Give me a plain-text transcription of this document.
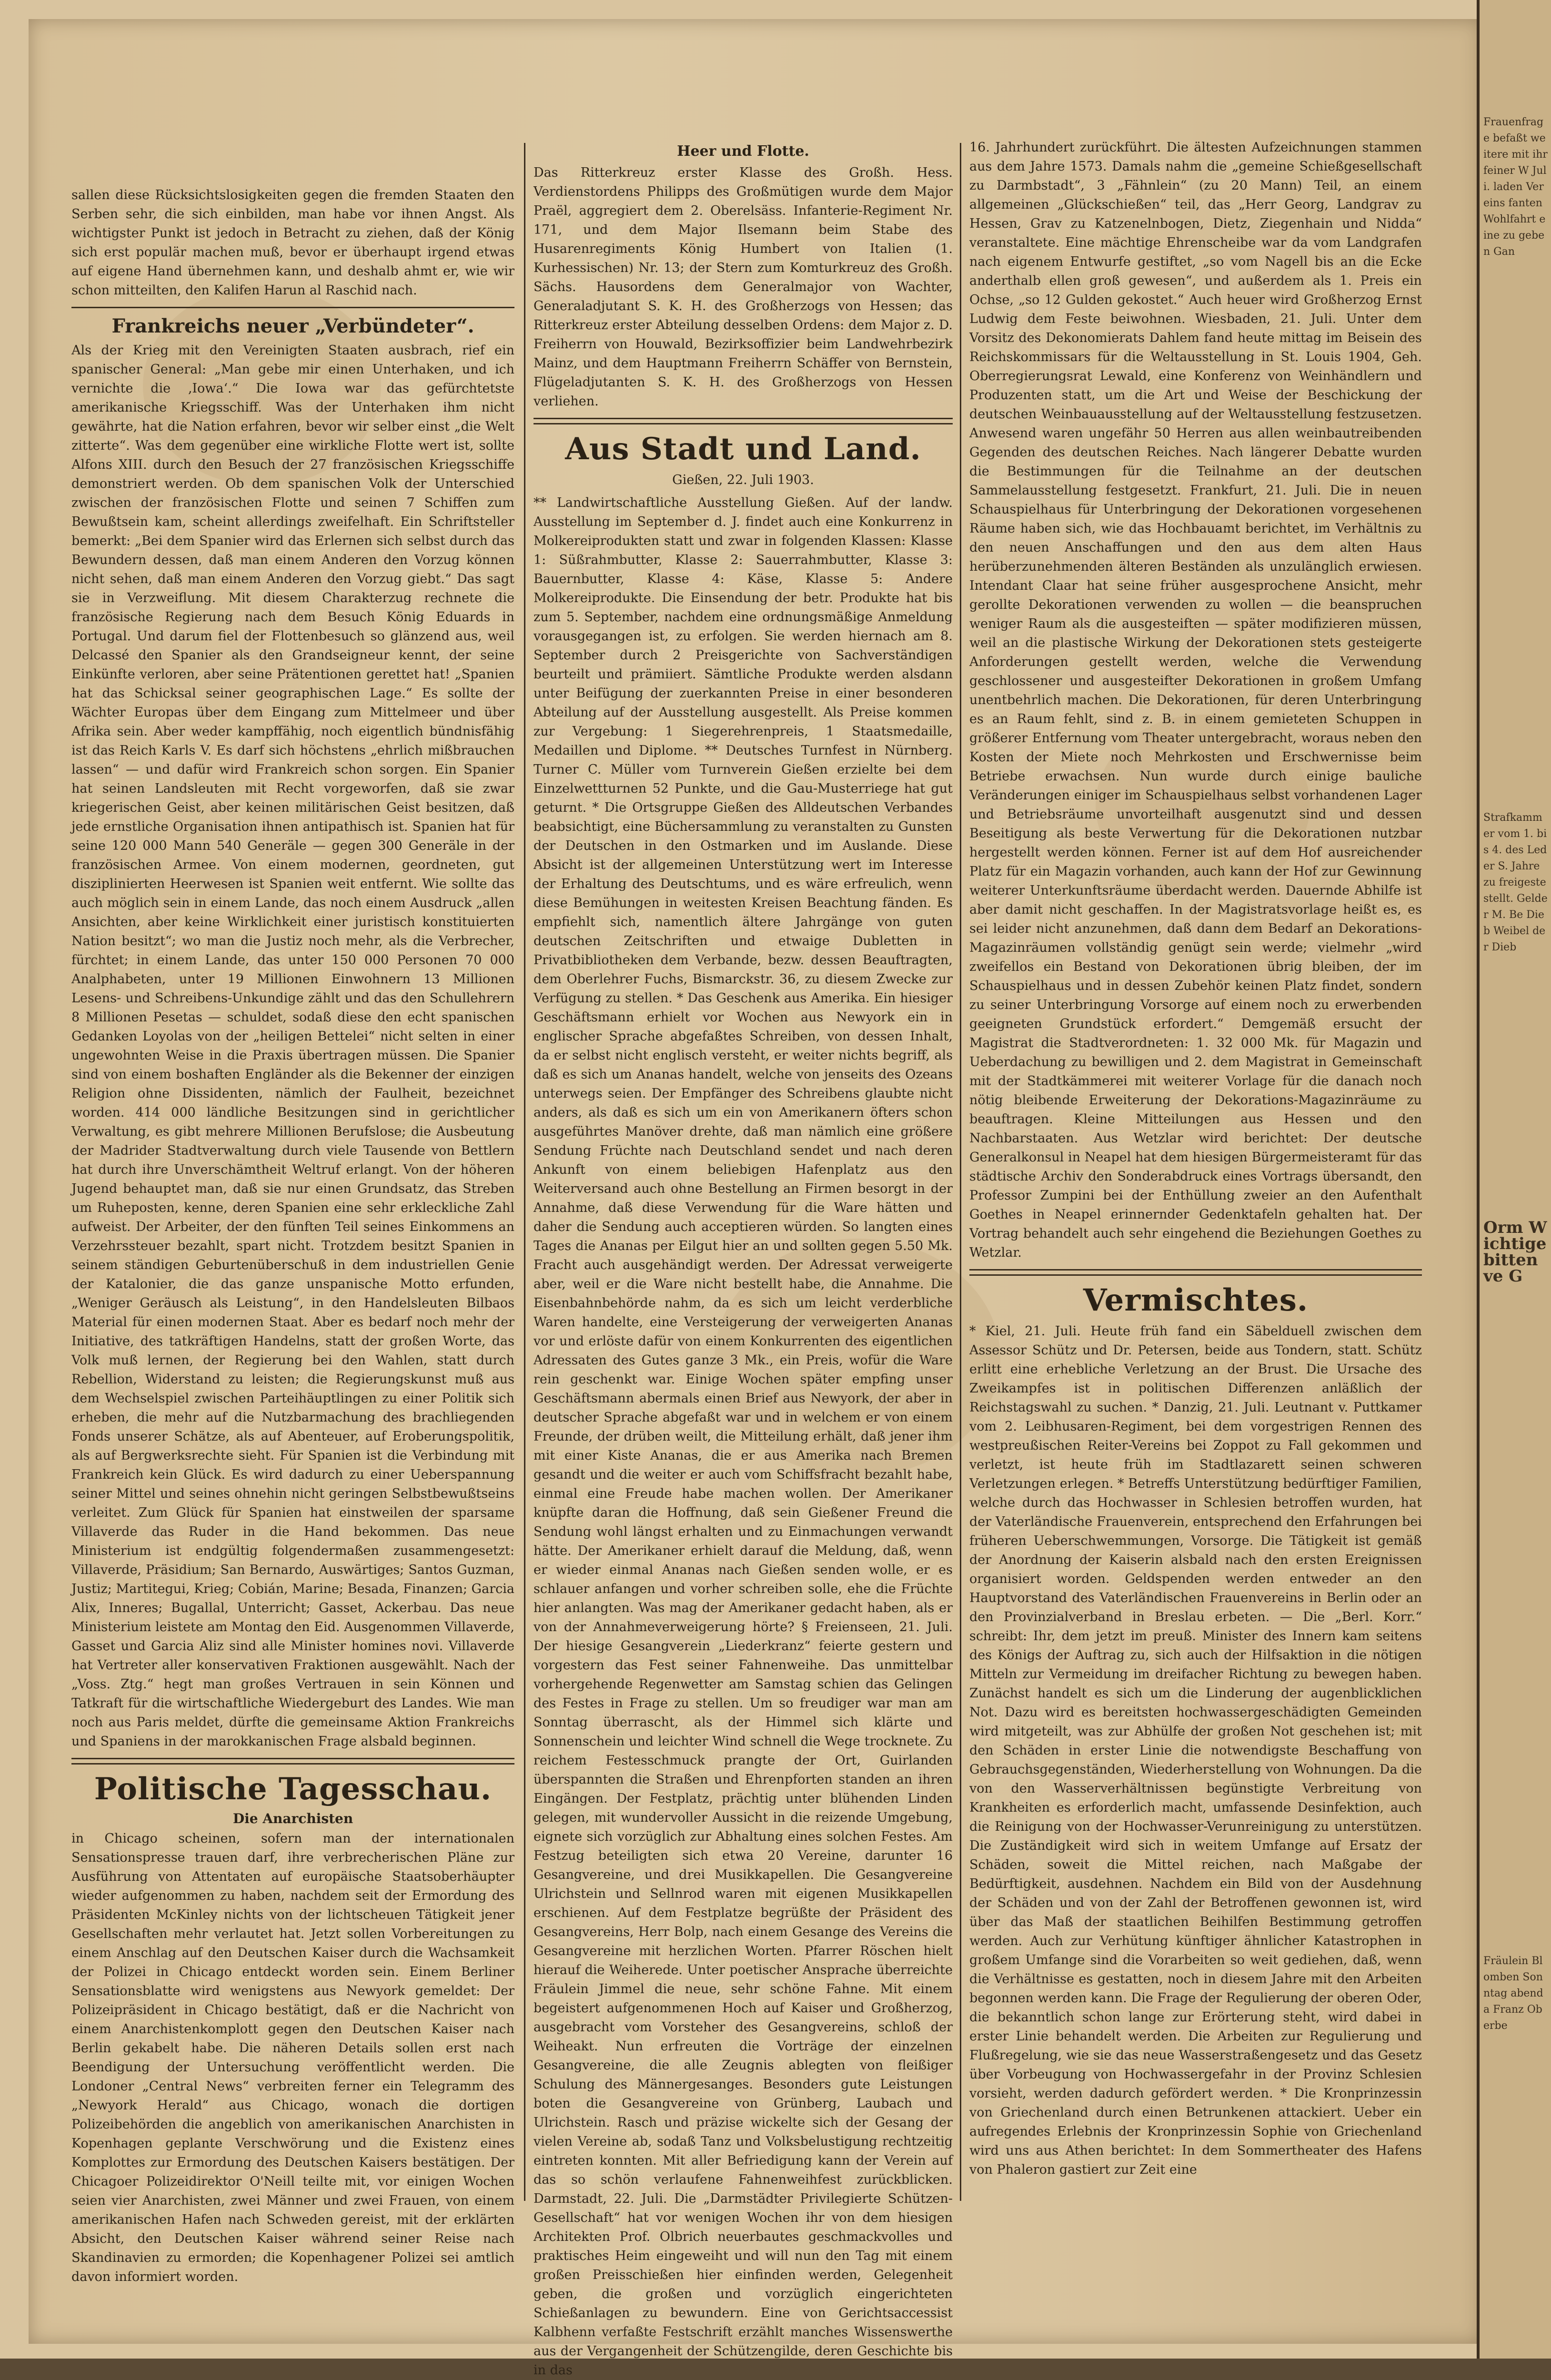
sallen diese Rücksichtslosigkeiten gegen die fremden Staaten den Serben sehr, die sich einbilden, man habe vor ihnen Angst. Als wichtigster Punkt ist jedoch in Betracht zu ziehen, daß der König sich erst populär machen muß, bevor er überhaupt irgend etwas auf eigene Hand übernehmen kann, und deshalb ahmt er, wie wir schon mitteilten, den Kalifen Harun al Raschid nach.

Frankreichs neuer „Verbündeter“.

Als der Krieg mit den Vereinigten Staaten ausbrach, rief ein spanischer General: „Man gebe mir einen Unterhaken, und ich vernichte die ‚Iowa‘.“ Die Iowa war das gefürchtetste amerikanische Kriegsschiff. Was der Unterhaken ihm nicht gewährte, hat die Nation erfahren, bevor wir selber einst „die Welt zitterte“. Was dem gegenüber eine wirkliche Flotte wert ist, sollte Alfons XIII. durch den Besuch der 27 französischen Kriegsschiffe demonstriert werden. Ob dem spanischen Volk der Unterschied zwischen der französischen Flotte und seinen 7 Schiffen zum Bewußtsein kam, scheint allerdings zweifelhaft. Ein Schriftsteller bemerkt: „Bei dem Spanier wird das Erlernen sich selbst durch das Bewundern dessen, daß man einem Anderen den Vorzug können nicht sehen, daß man einem Anderen den Vorzug giebt.“ Das sagt sie in Verzweiflung. Mit diesem Charakterzug rechnete die französische Regierung nach dem Besuch König Eduards in Portugal. Und darum fiel der Flottenbesuch so glänzend aus, weil Delcassé den Spanier als den Grandseigneur kennt, der seine Einkünfte verloren, aber seine Prätentionen gerettet hat! „Spanien hat das Schicksal seiner geographischen Lage.“ Es sollte der Wächter Europas über dem Eingang zum Mittelmeer und über Afrika sein. Aber weder kampffähig, noch eigentlich bündnisfähig ist das Reich Karls V. Es darf sich höchstens „ehrlich mißbrauchen lassen“ — und dafür wird Frankreich schon sorgen. Ein Spanier hat seinen Landsleuten mit Recht vorgeworfen, daß sie zwar kriegerischen Geist, aber keinen militärischen Geist besitzen, daß jede ernstliche Organisation ihnen antipathisch ist. Spanien hat für seine 120 000 Mann 540 Generäle — gegen 300 Generäle in der französischen Armee. Von einem modernen, geordneten, gut disziplinierten Heerwesen ist Spanien weit entfernt. Wie sollte das auch möglich sein in einem Lande, das noch einem Ausdruck „allen Ansichten, aber keine Wirklichkeit einer juristisch konstituierten Nation besitzt“; wo man die Justiz noch mehr, als die Verbrecher, fürchtet; in einem Lande, das unter 150 000 Personen 70 000 Analphabeten, unter 19 Millionen Einwohnern 13 Millionen Lesens- und Schreibens-Unkundige zählt und das den Schullehrern 8 Millionen Pesetas — schuldet, sodaß diese den echt spanischen Gedanken Loyolas von der „heiligen Bettelei“ nicht selten in einer ungewohnten Weise in die Praxis übertragen müssen. Die Spanier sind von einem boshaften Engländer als die Bekenner der einzigen Religion ohne Dissidenten, nämlich der Faulheit, bezeichnet worden. 414 000 ländliche Besitzungen sind in gerichtlicher Verwaltung, es gibt mehrere Millionen Berufslose; die Ausbeutung der Madrider Stadtverwaltung durch viele Tausende von Bettlern hat durch ihre Unverschämtheit Weltruf erlangt. Von der höheren Jugend behauptet man, daß sie nur einen Grundsatz, das Streben um Ruheposten, kenne, deren Spanien eine sehr erkleckliche Zahl aufweist. Der Arbeiter, der den fünften Teil seines Einkommens an Verzehrssteuer bezahlt, spart nicht. Trotzdem besitzt Spanien in seinem ständigen Geburtenüberschuß in dem industriellen Genie der Katalonier, die das ganze unspanische Motto erfunden, „Weniger Geräusch als Leistung“, in den Handelsleuten Bilbaos Material für einen modernen Staat. Aber es bedarf noch mehr der Initiative, des tatkräftigen Handelns, statt der großen Worte, das Volk muß lernen, der Regierung bei den Wahlen, statt durch Rebellion, Widerstand zu leisten; die Regierungskunst muß aus dem Wechselspiel zwischen Parteihäuptlingen zu einer Politik sich erheben, die mehr auf die Nutzbarmachung des brachliegenden Fonds unserer Schätze, als auf Abenteuer, auf Eroberungspolitik, als auf Bergwerksrechte sieht. Für Spanien ist die Verbindung mit Frankreich kein Glück. Es wird dadurch zu einer Ueberspannung seiner Mittel und seines ohnehin nicht geringen Selbstbewußtseins verleitet. Zum Glück für Spanien hat einstweilen der sparsame Villaverde das Ruder in die Hand bekommen. Das neue Ministerium ist endgültig folgendermaßen zusammengesetzt: Villaverde, Präsidium; San Bernardo, Auswärtiges; Santos Guzman, Justiz; Martitegui, Krieg; Cobián, Marine; Besada, Finanzen; Garcia Alix, Inneres; Bugallal, Unterricht; Gasset, Ackerbau. Das neue Ministerium leistete am Montag den Eid. Ausgenommen Villaverde, Gasset und Garcia Aliz sind alle Minister homines novi. Villaverde hat Vertreter aller konservativen Fraktionen ausgewählt. Nach der „Voss. Ztg.“ hegt man großes Vertrauen in sein Können und Tatkraft für die wirtschaftliche Wiedergeburt des Landes. Wie man noch aus Paris meldet, dürfte die gemeinsame Aktion Frankreichs und Spaniens in der marokkanischen Frage alsbald beginnen.

Politische Tagesschau.
Die Anarchisten

in Chicago scheinen, sofern man der internationalen Sensationspresse trauen darf, ihre verbrecherischen Pläne zur Ausführung von Attentaten auf europäische Staatsoberhäupter wieder aufgenommen zu haben, nachdem seit der Ermordung des Präsidenten McKinley nichts von der lichtscheuen Tätigkeit jener Gesellschaften mehr verlautet hat. Jetzt sollen Vorbereitungen zu einem Anschlag auf den Deutschen Kaiser durch die Wachsamkeit der Polizei in Chicago entdeckt worden sein. Einem Berliner Sensationsblatte wird wenigstens aus Newyork gemeldet: Der Polizeipräsident in Chicago bestätigt, daß er die Nachricht von einem Anarchistenkomplott gegen den Deutschen Kaiser nach Berlin gekabelt habe. Die näheren Details sollen erst nach Beendigung der Untersuchung veröffentlicht werden. Die Londoner „Central News“ verbreiten ferner ein Telegramm des „Newyork Herald“ aus Chicago, wonach die dortigen Polizeibehörden die angeblich von amerikanischen Anarchisten in Kopenhagen geplante Verschwörung und die Existenz eines Komplottes zur Ermordung des Deutschen Kaisers bestätigen. Der Chicagoer Polizeidirektor O'Neill teilte mit, vor einigen Wochen seien vier Anarchisten, zwei Männer und zwei Frauen, von einem amerikanischen Hafen nach Schweden gereist, mit der erklärten Absicht, den Deutschen Kaiser während seiner Reise nach Skandinavien zu ermorden; die Kopenhagener Polizei sei amtlich davon informiert worden.

Heer und Flotte.

Das Ritterkreuz erster Klasse des Großh. Hess. Verdienstordens Philipps des Großmütigen wurde dem Major Praël, aggregiert dem 2. Oberelsäss. Infanterie-Regiment Nr. 171, und dem Major Ilsemann beim Stabe des Husarenregiments König Humbert von Italien (1. Kurhessischen) Nr. 13; der Stern zum Komturkreuz des Großh. Sächs. Hausordens dem Generalmajor von Wachter, Generaladjutant S. K. H. des Großherzogs von Hessen; das Ritterkreuz erster Abteilung desselben Ordens: dem Major z. D. Freiherrn von Houwald, Bezirksoffizier beim Landwehrbezirk Mainz, und dem Hauptmann Freiherrn Schäffer von Bernstein, Flügeladjutanten S. K. H. des Großherzogs von Hessen verliehen.

Aus Stadt und Land.
Gießen, 22. Juli 1903.

** Landwirtschaftliche Ausstellung Gießen. Auf der landw. Ausstellung im September d. J. findet auch eine Konkurrenz in Molkereiprodukten statt und zwar in folgenden Klassen: Klasse 1: Süßrahmbutter, Klasse 2: Sauerrahmbutter, Klasse 3: Bauernbutter, Klasse 4: Käse, Klasse 5: Andere Molkereiprodukte. Die Einsendung der betr. Produkte hat bis zum 5. September, nachdem eine ordnungsmäßige Anmeldung vorausgegangen ist, zu erfolgen. Sie werden hiernach am 8. September durch 2 Preisgerichte von Sachverständigen beurteilt und prämiiert. Sämtliche Produkte werden alsdann unter Beifügung der zuerkannten Preise in einer besonderen Abteilung auf der Ausstellung ausgestellt. Als Preise kommen zur Vergebung: 1 Siegerehrenpreis, 1 Staatsmedaille, Medaillen und Diplome. ** Deutsches Turnfest in Nürnberg. Turner C. Müller vom Turnverein Gießen erzielte bei dem Einzelwettturnen 52 Punkte, und die Gau-Musterriege hat gut geturnt. * Die Ortsgruppe Gießen des Alldeutschen Verbandes beabsichtigt, eine Büchersammlung zu veranstalten zu Gunsten der Deutschen in den Ostmarken und im Auslande. Diese Absicht ist der allgemeinen Unterstützung wert im Interesse der Erhaltung des Deutschtums, und es wäre erfreulich, wenn diese Bemühungen in weitesten Kreisen Beachtung fänden. Es empfiehlt sich, namentlich ältere Jahrgänge von guten deutschen Zeitschriften und etwaige Dubletten in Privatbibliotheken dem Verbande, bezw. dessen Beauftragten, dem Oberlehrer Fuchs, Bismarckstr. 36, zu diesem Zwecke zur Verfügung zu stellen. * Das Geschenk aus Amerika. Ein hiesiger Geschäftsmann erhielt vor Wochen aus Newyork ein in englischer Sprache abgefaßtes Schreiben, von dessen Inhalt, da er selbst nicht englisch versteht, er weiter nichts begriff, als daß es sich um Ananas handelt, welche von jenseits des Ozeans unterwegs seien. Der Empfänger des Schreibens glaubte nicht anders, als daß es sich um ein von Amerikanern öfters schon ausgeführtes Manöver drehte, daß man nämlich eine größere Sendung Früchte nach Deutschland sendet und nach deren Ankunft von einem beliebigen Hafenplatz aus den Weiterversand auch ohne Bestellung an Firmen besorgt in der Annahme, daß diese Verwendung für die Ware hätten und daher die Sendung auch acceptieren würden. So langten eines Tages die Ananas per Eilgut hier an und sollten gegen 5.50 Mk. Fracht auch ausgehändigt werden. Der Adressat verweigerte aber, weil er die Ware nicht bestellt habe, die Annahme. Die Eisenbahnbehörde nahm, da es sich um leicht verderbliche Waren handelte, eine Versteigerung der verweigerten Ananas vor und erlöste dafür von einem Konkurrenten des eigentlichen Adressaten des Gutes ganze 3 Mk., ein Preis, wofür die Ware rein geschenkt war. Einige Wochen später empfing unser Geschäftsmann abermals einen Brief aus Newyork, der aber in deutscher Sprache abgefaßt war und in welchem er von einem Freunde, der drüben weilt, die Mitteilung erhält, daß jener ihm mit einer Kiste Ananas, die er aus Amerika nach Bremen gesandt und die weiter er auch vom Schiffsfracht bezahlt habe, einmal eine Freude habe machen wollen. Der Amerikaner knüpfte daran die Hoffnung, daß sein Gießener Freund die Sendung wohl längst erhalten und zu Einmachungen verwandt hätte. Der Amerikaner erhielt darauf die Meldung, daß, wenn er wieder einmal Ananas nach Gießen senden wolle, er es schlauer anfangen und vorher schreiben solle, ehe die Früchte hier anlangten. Was mag der Amerikaner gedacht haben, als er von der Annahmeverweigerung hörte? § Freienseen, 21. Juli. Der hiesige Gesangverein „Liederkranz“ feierte gestern und vorgestern das Fest seiner Fahnenweihe. Das unmittelbar vorhergehende Regenwetter am Samstag schien das Gelingen des Festes in Frage zu stellen. Um so freudiger war man am Sonntag überrascht, als der Himmel sich klärte und Sonnenschein und leichter Wind schnell die Wege trocknete. Zu reichem Festesschmuck prangte der Ort, Guirlanden überspannten die Straßen und Ehrenpforten standen an ihren Eingängen. Der Festplatz, prächtig unter blühenden Linden gelegen, mit wundervoller Aussicht in die reizende Umgebung, eignete sich vorzüglich zur Abhaltung eines solchen Festes. Am Festzug beteiligten sich etwa 20 Vereine, darunter 16 Gesangvereine, und drei Musikkapellen. Die Gesangvereine Ulrichstein und Sellnrod waren mit eigenen Musikkapellen erschienen. Auf dem Festplatze begrüßte der Präsident des Gesangvereins, Herr Bolp, nach einem Gesange des Vereins die Gesangvereine mit herzlichen Worten. Pfarrer Röschen hielt hierauf die Weiherede. Unter poetischer Ansprache überreichte Fräulein Jimmel die neue, sehr schöne Fahne. Mit einem begeistert aufgenommenen Hoch auf Kaiser und Großherzog, ausgebracht vom Vorsteher des Gesangvereins, schloß der Weiheakt. Nun erfreuten die Vorträge der einzelnen Gesangvereine, die alle Zeugnis ablegten von fleißiger Schulung des Männergesanges. Besonders gute Leistungen boten die Gesangvereine von Grünberg, Laubach und Ulrichstein. Rasch und präzise wickelte sich der Gesang der vielen Vereine ab, sodaß Tanz und Volksbelustigung rechtzeitig eintreten konnten. Mit aller Befriedigung kann der Verein auf das so schön verlaufene Fahnenweihfest zurückblicken. Darmstadt, 22. Juli. Die „Darmstädter Privilegierte Schützen-Gesellschaft“ hat vor wenigen Wochen ihr von dem hiesigen Architekten Prof. Olbrich neuerbautes geschmackvolles und praktisches Heim eingeweiht und will nun den Tag mit einem großen Preisschießen hier einfinden werden, Gelegenheit geben, die großen und vorzüglich eingerichteten Schießanlagen zu bewundern. Eine von Gerichtsaccessist Kalbhenn verfaßte Festschrift erzählt manches Wissenswerthe aus der Vergangenheit der Schützengilde, deren Geschichte bis in das

16. Jahrhundert zurückführt. Die ältesten Aufzeichnungen stammen aus dem Jahre 1573. Damals nahm die „gemeine Schießgesellschaft zu Darmbstadt“, 3 „Fähnlein“ (zu 20 Mann) Teil, an einem allgemeinen „Glückschießen“ teil, das „Herr Georg, Landgrav zu Hessen, Grav zu Katzenelnbogen, Dietz, Ziegenhain und Nidda“ veranstaltete. Eine mächtige Ehrenscheibe war da vom Landgrafen nach eigenem Entwurfe gestiftet, „so vom Nagell bis an die Ecke anderthalb ellen groß gewesen“, und außerdem als 1. Preis ein Ochse, „so 12 Gulden gekostet.“ Auch heuer wird Großherzog Ernst Ludwig dem Feste beiwohnen. Wiesbaden, 21. Juli. Unter dem Vorsitz des Dekonomierats Dahlem fand heute mittag im Beisein des Reichskommissars für die Weltausstellung in St. Louis 1904, Geh. Oberregierungsrat Lewald, eine Konferenz von Weinhändlern und Produzenten statt, um die Art und Weise der Beschickung der deutschen Weinbauausstellung auf der Weltausstellung festzusetzen. Anwesend waren ungefähr 50 Herren aus allen weinbautreibenden Gegenden des deutschen Reiches. Nach längerer Debatte wurden die Bestimmungen für die Teilnahme an der deutschen Sammelausstellung festgesetzt. Frankfurt, 21. Juli. Die in neuen Schauspielhaus für Unterbringung der Dekorationen vorgesehenen Räume haben sich, wie das Hochbauamt berichtet, im Verhältnis zu den neuen Anschaffungen und den aus dem alten Haus herüberzunehmenden älteren Beständen als unzulänglich erwiesen. Intendant Claar hat seine früher ausgesprochene Ansicht, mehr gerollte Dekorationen verwenden zu wollen — die beanspruchen weniger Raum als die ausgesteiften — später modifizieren müssen, weil an die plastische Wirkung der Dekorationen stets gesteigerte Anforderungen gestellt werden, welche die Verwendung geschlossener und ausgesteifter Dekorationen in großem Umfang unentbehrlich machen. Die Dekorationen, für deren Unterbringung es an Raum fehlt, sind z. B. in einem gemieteten Schuppen in größerer Entfernung vom Theater untergebracht, woraus neben den Kosten der Miete noch Mehrkosten und Erschwernisse beim Betriebe erwachsen. Nun wurde durch einige bauliche Veränderungen einiger im Schauspielhaus selbst vorhandenen Lager und Betriebsräume unvorteilhaft ausgenutzt sind und dessen Beseitigung als beste Verwertung für die Dekorationen nutzbar hergestellt werden können. Ferner ist auf dem Hof ausreichender Platz für ein Magazin vorhanden, auch kann der Hof zur Gewinnung weiterer Unterkunftsräume überdacht werden. Dauernde Abhilfe ist aber damit nicht geschaffen. In der Magistratsvorlage heißt es, es sei leider nicht anzunehmen, daß dann dem Bedarf an Dekorations-Magazinräumen vollständig genügt sein werde; vielmehr „wird zweifellos ein Bestand von Dekorationen übrig bleiben, der im Schauspielhaus und in dessen Zubehör keinen Platz findet, sondern zu seiner Unterbringung Vorsorge auf einem noch zu erwerbenden geeigneten Grundstück erfordert.“ Demgemäß ersucht der Magistrat die Stadtverordneten: 1. 32 000 Mk. für Magazin und Ueberdachung zu bewilligen und 2. dem Magistrat in Gemeinschaft mit der Stadtkämmerei mit weiterer Vorlage für die danach noch nötig bleibende Erweiterung der Dekorations-Magazinräume zu beauftragen. Kleine Mitteilungen aus Hessen und den Nachbarstaaten. Aus Wetzlar wird berichtet: Der deutsche Generalkonsul in Neapel hat dem hiesigen Bürgermeisteramt für das städtische Archiv den Sonderabdruck eines Vortrags übersandt, den Professor Zumpini bei der Enthüllung zweier an den Aufenthalt Goethes in Neapel erinnernder Gedenktafeln gehalten hat. Der Vortrag behandelt auch sehr eingehend die Beziehungen Goethes zu Wetzlar.

Vermischtes.

* Kiel, 21. Juli. Heute früh fand ein Säbelduell zwischen dem Assessor Schütz und Dr. Petersen, beide aus Tondern, statt. Schütz erlitt eine erhebliche Verletzung an der Brust. Die Ursache des Zweikampfes ist in politischen Differenzen anläßlich der Reichstagswahl zu suchen. * Danzig, 21. Juli. Leutnant v. Puttkamer vom 2. Leibhusaren-Regiment, bei dem vorgestrigen Rennen des westpreußischen Reiter-Vereins bei Zoppot zu Fall gekommen und verletzt, ist heute früh im Stadtlazarett seinen schweren Verletzungen erlegen. * Betreffs Unterstützung bedürftiger Familien, welche durch das Hochwasser in Schlesien betroffen wurden, hat der Vaterländische Frauenverein, entsprechend den Erfahrungen bei früheren Ueberschwemmungen, Vorsorge. Die Tätigkeit ist gemäß der Anordnung der Kaiserin alsbald nach den ersten Ereignissen organisiert worden. Geldspenden werden entweder an den Hauptvorstand des Vaterländischen Frauenvereins in Berlin oder an den Provinzialverband in Breslau erbeten. — Die „Berl. Korr.“ schreibt: Ihr, dem jetzt im preuß. Minister des Innern kam seitens des Königs der Auftrag zu, sich auch der Hilfsaktion in die nötigen Mitteln zur Vermeidung im dreifacher Richtung zu bewegen haben. Zunächst handelt es sich um die Linderung der augenblicklichen Not. Dazu wird es bereitsten hochwassergeschädigten Gemeinden wird mitgeteilt, was zur Abhülfe der großen Not geschehen ist; mit den Schäden in erster Linie die notwendigste Beschaffung von Gebrauchsgegenständen, Wiederherstellung von Wohnungen. Da die von den Wasserverhältnissen begünstigte Verbreitung von Krankheiten es erforderlich macht, umfassende Desinfektion, auch die Reinigung von der Hochwasser-Verunreinigung zu unterstützen. Die Zuständigkeit wird sich in weitem Umfange auf Ersatz der Schäden, soweit die Mittel reichen, nach Maßgabe der Bedürftigkeit, ausdehnen. Nachdem ein Bild von der Ausdehnung der Schäden und von der Zahl der Betroffenen gewonnen ist, wird über das Maß der staatlichen Beihilfen Bestimmung getroffen werden. Auch zur Verhütung künftiger ähnlicher Katastrophen in großem Umfange sind die Vorarbeiten so weit gediehen, daß, wenn die Verhältnisse es gestatten, noch in diesem Jahre mit den Arbeiten begonnen werden kann. Die Frage der Regulierung der oberen Oder, die bekanntlich schon lange zur Erörterung steht, wird dabei in erster Linie behandelt werden. Die Arbeiten zur Regulierung und Flußregelung, wie sie das neue Wasserstraßengesetz und das Gesetz über Vorbeugung von Hochwassergefahr in der Provinz Schlesien vorsieht, werden dadurch gefördert werden. * Die Kronprinzessin von Griechenland durch einen Betrunkenen attackiert. Ueber ein aufregendes Erlebnis der Kronprinzessin Sophie von Griechenland wird uns aus Athen berichtet: In dem Sommertheater des Hafens von Phaleron gastiert zur Zeit eine

Frauenfrage befaßt weitere mit ihr feiner W Juli. laden Vereins fanten Wohlfahrt eine zu geben Gan
Strafkammer vom 1. bis 4. des Leder S. Jahre zu freigeste stellt. Gelder M. Be Dieb Weibel der Dieb
Orm Wichtige bitten ve G
Fräulein Blomben Sonntag abend a Franz Oberbe
